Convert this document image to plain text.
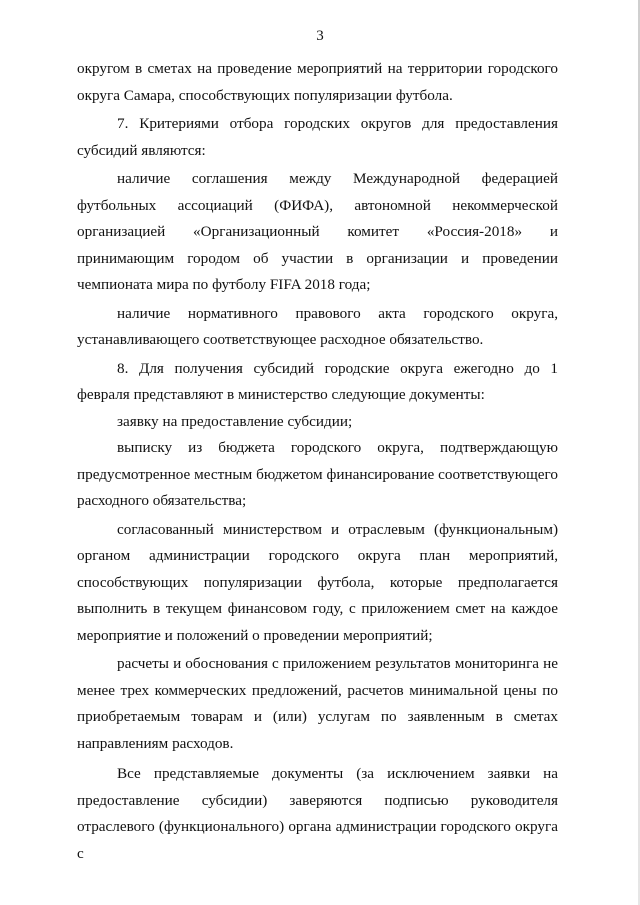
3

округом в сметах на проведение мероприятий на территории городского округа Самара, способствующих популяризации футбола.

7. Критериями отбора городских округов для предоставления субсидий являются:

наличие соглашения между Международной федерацией футбольных ассоциаций (ФИФА), автономной некоммерческой организацией «Организационный комитет «Россия-2018» и принимающим городом об участии в организации и проведении чемпионата мира по футболу FIFA 2018 года;

наличие нормативного правового акта городского округа, устанавливающего соответствующее расходное обязательство.

8. Для получения субсидий городские округа ежегодно до 1 февраля представляют в министерство следующие документы:

заявку на предоставление субсидии;

выписку из бюджета городского округа, подтверждающую предусмотренное местным бюджетом финансирование соответствующего расходного обязательства;

согласованный министерством и отраслевым (функциональным) органом администрации городского округа план мероприятий, способствующих популяризации футбола, которые предполагается выполнить в текущем финансовом году, с приложением смет на каждое мероприятие и положений о проведении мероприятий;

расчеты и обоснования с приложением результатов мониторинга не менее трех коммерческих предложений, расчетов минимальной цены по приобретаемым товарам и (или) услугам по заявленным в сметах направлениям расходов.

Все представляемые документы (за исключением заявки на предоставление субсидии) заверяются подписью руководителя отраслевого (функционального) органа администрации городского округа с
